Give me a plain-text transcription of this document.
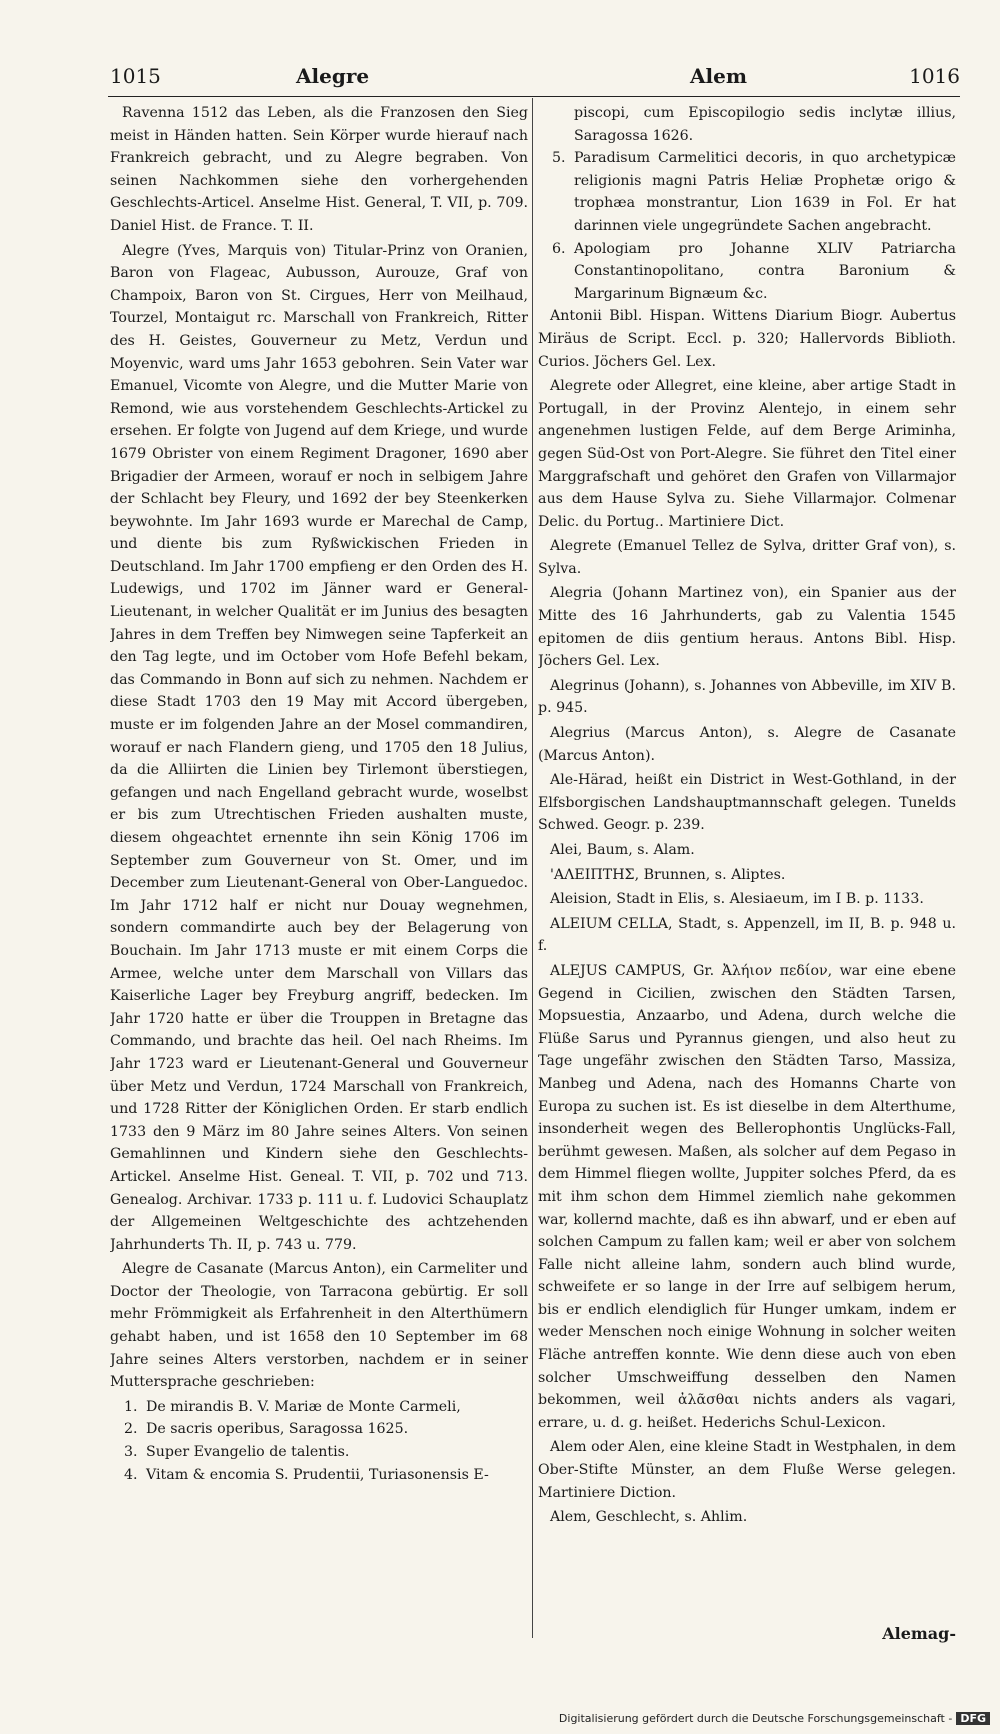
1015	Alegre	Alem	1016

Ravenna 1512 das Leben, als die Franzosen den Sieg meist in Händen hatten. Sein Körper wurde hierauf nach Frankreich gebracht, und zu Alegre begraben. Von seinen Nachkommen siehe den vorhergehenden Geschlechts-Articel. Anselme Hist. General, T. VII, p. 709. Daniel Hist. de France. T. II.

Alegre (Yves, Marquis von) Titular-Prinz von Oranien, Baron von Flageac, Aubusson, Aurouze, Graf von Champoix, Baron von St. Cirgues, Herr von Meilhaud, Tourzel, Montaigut rc. Marschall von Frankreich, Ritter des H. Geistes, Gouverneur zu Metz, Verdun und Moyenvic, ward ums Jahr 1653 gebohren. Sein Vater war Emanuel, Vicomte von Alegre, und die Mutter Marie von Remond, wie aus vorstehendem Geschlechts-Artickel zu ersehen. Er folgte von Jugend auf dem Kriege, und wurde 1679 Obrister von einem Regiment Dragoner, 1690 aber Brigadier der Armeen, worauf er noch in selbigem Jahre der Schlacht bey Fleury, und 1692 der bey Steenkerken beywohnte. Im Jahr 1693 wurde er Marechal de Camp, und diente bis zum Ryßwickischen Frieden in Deutschland. Im Jahr 1700 empfieng er den Orden des H. Ludewigs, und 1702 im Jänner ward er General-Lieutenant, in welcher Qualität er im Junius des besagten Jahres in dem Treffen bey Nimwegen seine Tapferkeit an den Tag legte, und im October vom Hofe Befehl bekam, das Commando in Bonn auf sich zu nehmen. Nachdem er diese Stadt 1703 den 19 May mit Accord übergeben, muste er im folgenden Jahre an der Mosel commandiren, worauf er nach Flandern gieng, und 1705 den 18 Julius, da die Alliirten die Linien bey Tirlemont überstiegen, gefangen und nach Engelland gebracht wurde, woselbst er bis zum Utrechtischen Frieden aushalten muste, diesem ohgeachtet ernennte ihn sein König 1706 im September zum Gouverneur von St. Omer, und im December zum Lieutenant-General von Ober-Languedoc. Im Jahr 1712 half er nicht nur Douay wegnehmen, sondern commandirte auch bey der Belagerung von Bouchain. Im Jahr 1713 muste er mit einem Corps die Armee, welche unter dem Marschall von Villars das Kaiserliche Lager bey Freyburg angriff, bedecken. Im Jahr 1720 hatte er über die Trouppen in Bretagne das Commando, und brachte das heil. Oel nach Rheims. Im Jahr 1723 ward er Lieutenant-General und Gouverneur über Metz und Verdun, 1724 Marschall von Frankreich, und 1728 Ritter der Königlichen Orden. Er starb endlich 1733 den 9 März im 80 Jahre seines Alters. Von seinen Gemahlinnen und Kindern siehe den Geschlechts-Artickel. Anselme Hist. Geneal. T. VII, p. 702 und 713. Genealog. Archivar. 1733 p. 111 u. f. Ludovici Schauplatz der Allgemeinen Weltgeschichte des achtzehenden Jahrhunderts Th. II, p. 743 u. 779.

Alegre de Casanate (Marcus Anton), ein Carmeliter und Doctor der Theologie, von Tarracona gebürtig. Er soll mehr Frömmigkeit als Erfahrenheit in den Alterthümern gehabt haben, und ist 1658 den 10 September im 68 Jahre seines Alters verstorben, nachdem er in seiner Muttersprache geschrieben:

1. De mirandis B. V. Mariæ de Monte Carmeli,
2. De sacris operibus, Saragossa 1625.
3. Super Evangelio de talentis.
4. Vitam & encomia S. Prudentii, Turiasonensis E-
piscopi, cum Episcopilogio sedis inclytæ illius, Saragossa 1626.
5. Paradisum Carmelitici decoris, in quo archetypicæ religionis magni Patris Heliæ Prophetæ origo & trophæa monstrantur, Lion 1639 in Fol. Er hat darinnen viele ungegründete Sachen angebracht.
6. Apologiam pro Johanne XLIV Patriarcha Constantinopolitano, contra Baronium & Margarinum Bignæum &c.

Antonii Bibl. Hispan. Wittens Diarium Biogr. Aubertus Miräus de Script. Eccl. p. 320; Hallervords Biblioth. Curios. Jöchers Gel. Lex.

Alegrete oder Allegret, eine kleine, aber artige Stadt in Portugall, in der Provinz Alentejo, in einem sehr angenehmen lustigen Felde, auf dem Berge Ariminha, gegen Süd-Ost von Port-Alegre. Sie führet den Titel einer Marggrafschaft und gehöret den Grafen von Villarmajor aus dem Hause Sylva zu. Siehe Villarmajor. Colmenar Delic. du Portug.. Martiniere Dict.

Alegrete (Emanuel Tellez de Sylva, dritter Graf von), s. Sylva.

Alegria (Johann Martinez von), ein Spanier aus der Mitte des 16 Jahrhunderts, gab zu Valentia 1545 epitomen de diis gentium heraus. Antons Bibl. Hisp. Jöchers Gel. Lex.

Alegrinus (Johann), s. Johannes von Abbeville, im XIV B. p. 945.

Alegrius (Marcus Anton), s. Alegre de Casanate (Marcus Anton).

Ale-Härad, heißt ein District in West-Gothland, in der Elfsborgischen Landshauptmannschaft gelegen. Tunelds Schwed. Geogr. p. 239.

Alei, Baum, s. Alam.

'ΑΛΕΙΠΤΗΣ, Brunnen, s. Aliptes.

Aleision, Stadt in Elis, s. Alesiaeum, im I B. p. 1133.

ALEIUM CELLA, Stadt, s. Appenzell, im II, B. p. 948 u. f.

ALEJUS CAMPUS, Gr. Ἀλήιον πεδίον, war eine ebene Gegend in Cicilien, zwischen den Städten Tarsen, Mopsuestia, Anzaarbo, und Adena, durch welche die Flüße Sarus und Pyrannus giengen, und also heut zu Tage ungefähr zwischen den Städten Tarso, Massiza, Manbeg und Adena, nach des Homanns Charte von Europa zu suchen ist. Es ist dieselbe in dem Alterthume, insonderheit wegen des Bellerophontis Unglücks-Fall, berühmt gewesen. Maßen, als solcher auf dem Pegaso in dem Himmel fliegen wollte, Juppiter solches Pferd, da es mit ihm schon dem Himmel ziemlich nahe gekommen war, kollernd machte, daß es ihn abwarf, und er eben auf solchen Campum zu fallen kam; weil er aber von solchem Falle nicht alleine lahm, sondern auch blind wurde, schweifete er so lange in der Irre auf selbigem herum, bis er endlich elendiglich für Hunger umkam, indem er weder Menschen noch einige Wohnung in solcher weiten Fläche antreffen konnte. Wie denn diese auch von eben solcher Umschweiffung desselben den Namen bekommen, weil ἀλᾶσθαι nichts anders als vagari, errare, u. d. g. heißet. Hederichs Schul-Lexicon.

Alem oder Alen, eine kleine Stadt in Westphalen, in dem Ober-Stifte Münster, an dem Fluße Werse gelegen. Martiniere Diction.

Alem, Geschlecht, s. Ahlim.

Alemag-
Digitalisierung gefördert durch die Deutsche Forschungsgemeinschaft - DFG
